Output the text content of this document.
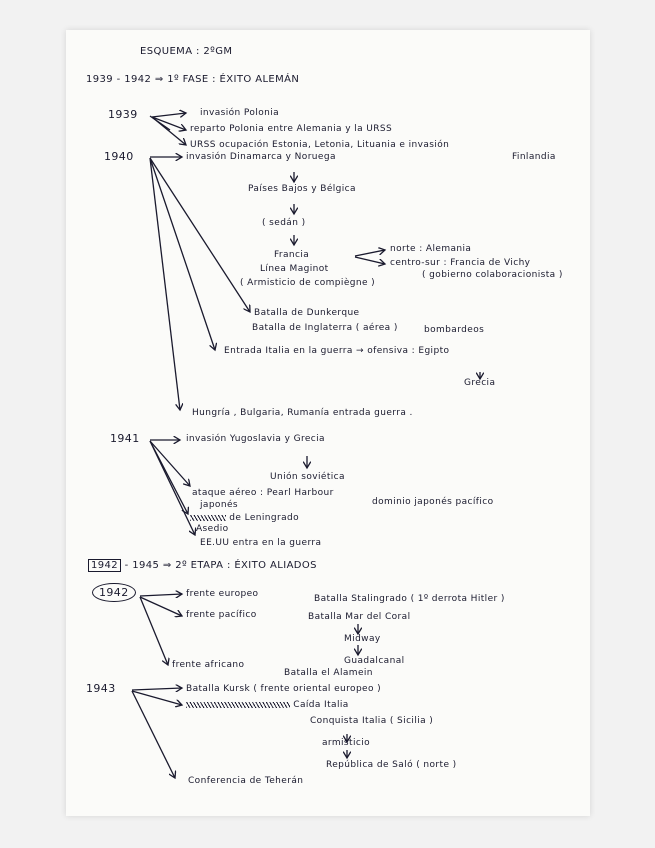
ESQUEMA : 2ºGM
1939 - 1942 ⇒ 1º FASE : ÉXITO ALEMÁN
1939	invasión Polonia
reparto Polonia entre Alemania y la URSS
URSS ocupación Estonia, Letonia, Lituania e invasión
Finlandia
1940	invasión Dinamarca y Noruega
Países Bajos y Bélgica
( sedán )
Francia
Línea Maginot
( Armisticio de compiègne )
norte : Alemania
centro-sur : Francia de Vichy
( gobierno colaboracionista )
Batalla de Dunkerque
Batalla de Inglaterra ( aérea )	bombardeos
Entrada Italia en la guerra → ofensiva : Egipto
Grecia
Hungría , Bulgaria, Rumanía entrada guerra .
1941	invasión Yugoslavia y Grecia
Unión soviética
ataque aéreo : Pearl Harbour
japonés	dominio japonés pacífico
de Leningrado
Asedio
EE.UU entra en la guerra
1942 - 1945 ⇒ 2º ETAPA : ÉXITO ALIADOS
1942	frente europeo	Batalla Stalingrado ( 1º derrota Hitler )
frente pacífico	Batalla Mar del Coral
Midway
Guadalcanal
frente africano
Batalla el Alamein
1943	Batalla Kursk ( frente oriental europeo )
Caída Italia
Conquista Italia ( Sicilia )
armisticio
República de Saló ( norte )
Conferencia de Teherán
